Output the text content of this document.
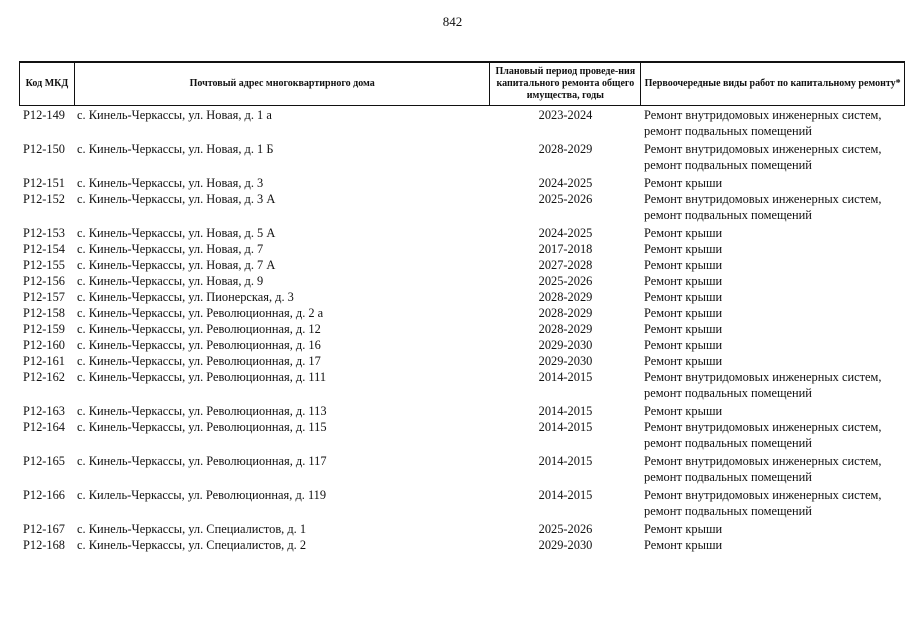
842
Код МКД	Почтовый адрес многоквартирного дома	Плановый период проведе-ния капитального ремонта общего имущества, годы	Первоочередные виды работ по капитальному ремонту*
Р12-149	с. Кинель-Черкассы, ул. Новая, д. 1 а	2023-2024	Ремонт внутридомовых инженерных систем,
ремонт подвальных помещений

Р12-150	с. Кинель-Черкассы, ул. Новая, д. 1 Б	2028-2029	Ремонт внутридомовых инженерных систем,
ремонт подвальных помещений

Р12-151	с. Кинель-Черкассы, ул. Новая, д. 3	2024-2025	Ремонт крыши

Р12-152	с. Кинель-Черкассы, ул. Новая, д. 3 А	2025-2026	Ремонт внутридомовых инженерных систем,
ремонт подвальных помещений

Р12-153	с. Кинель-Черкассы, ул. Новая, д. 5 А	2024-2025	Ремонт крыши

Р12-154	с. Кинель-Черкассы, ул. Новая, д. 7	2017-2018	Ремонт крыши

Р12-155	с. Кинель-Черкассы, ул. Новая, д. 7 А	2027-2028	Ремонт крыши

Р12-156	с. Кинель-Черкассы, ул. Новая, д. 9	2025-2026	Ремонт крыши

Р12-157	с. Кинель-Черкассы, ул. Пионерская, д. 3	2028-2029	Ремонт крыши

Р12-158	с. Кинель-Черкассы, ул. Революционная, д. 2 а	2028-2029	Ремонт крыши

Р12-159	с. Кинель-Черкассы, ул. Революционная, д. 12	2028-2029	Ремонт крыши

Р12-160	с. Кинель-Черкассы, ул. Революционная, д. 16	2029-2030	Ремонт крыши

Р12-161	с. Кинель-Черкассы, ул. Революционная, д. 17	2029-2030	Ремонт крыши

Р12-162	с. Кинель-Черкассы, ул. Революционная, д. 111	2014-2015	Ремонт внутридомовых инженерных систем,
ремонт подвальных помещений

Р12-163	с. Кинель-Черкассы, ул. Революционная, д. 113	2014-2015	Ремонт крыши

Р12-164	с. Кинель-Черкассы, ул. Революционная, д. 115	2014-2015	Ремонт внутридомовых инженерных систем,
ремонт подвальных помещений

Р12-165	с. Кинель-Черкассы, ул. Революционная, д. 117	2014-2015	Ремонт внутридомовых инженерных систем,
ремонт подвальных помещений

Р12-166	с. Килель-Черкассы, ул. Революционная, д. 119	2014-2015	Ремонт внутридомовых инженерных систем,
ремонт подвальных помещений

Р12-167	с. Кинель-Черкассы, ул. Специалистов, д. 1	2025-2026	Ремонт крыши

Р12-168	с. Кинель-Черкассы, ул. Специалистов, д. 2	2029-2030	Ремонт крыши
